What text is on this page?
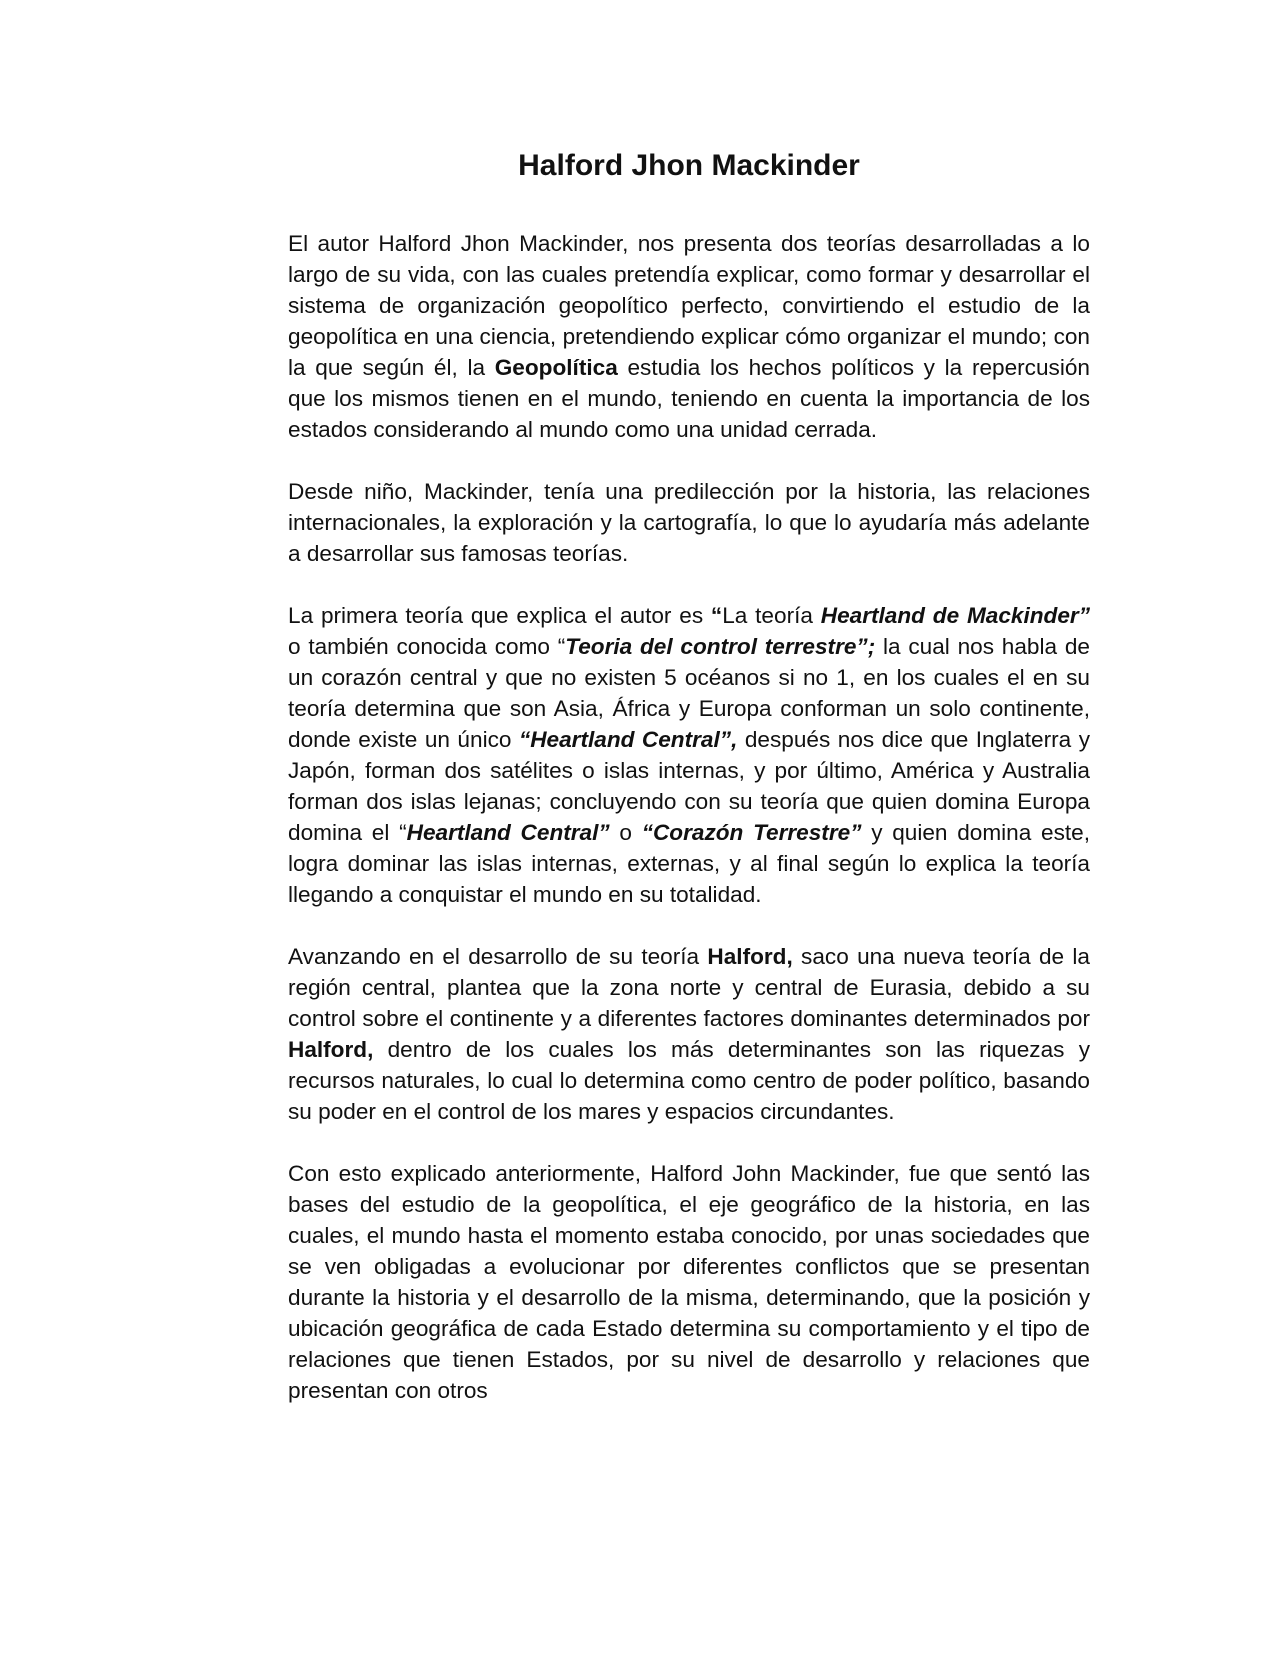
Halford Jhon Mackinder

El autor Halford Jhon Mackinder, nos presenta dos teorías desarrolladas a lo largo de su vida, con las cuales pretendía explicar, como formar y desarrollar el sistema de organización geopolítico perfecto, convirtiendo el estudio de la geopolítica en una ciencia, pretendiendo explicar cómo organizar el mundo; con la que según él, la Geopolítica estudia los hechos políticos y la repercusión que los mismos tienen en el mundo, teniendo en cuenta la importancia de los estados considerando al mundo como una unidad cerrada.

Desde niño, Mackinder, tenía una predilección por la historia, las relaciones internacionales, la exploración y la cartografía, lo que lo ayudaría más adelante a desarrollar sus famosas teorías.

La primera teoría que explica el autor es “La teoría Heartland de Mackinder” o también conocida como “Teoria del control terrestre”; la cual nos habla de un corazón central y que no existen 5 océanos si no 1, en los cuales el en su teoría determina que son Asia, África y Europa conforman un solo continente, donde existe un único “Heartland Central”, después nos dice que Inglaterra y Japón, forman dos satélites o islas internas, y por último, América y Australia forman dos islas lejanas; concluyendo con su teoría que quien domina Europa domina el “Heartland Central” o “Corazón Terrestre” y quien domina este, logra dominar las islas internas, externas, y al final según lo explica la teoría llegando a conquistar el mundo en su totalidad.

Avanzando en el desarrollo de su teoría Halford, saco una nueva teoría de la región central, plantea que la zona norte y central de Eurasia, debido a su control sobre el continente y a diferentes factores dominantes determinados por Halford, dentro de los cuales los más determinantes son las riquezas y recursos naturales, lo cual lo determina como centro de poder político, basando su poder en el control de los mares y espacios circundantes.

Con esto explicado anteriormente, Halford John Mackinder, fue que sentó las bases del estudio de la geopolítica, el eje geográfico de la historia, en las cuales, el mundo hasta el momento estaba conocido, por unas sociedades que se ven obligadas a evolucionar por diferentes conflictos que se presentan durante la historia y el desarrollo de la misma, determinando, que la posición y ubicación geográfica de cada Estado determina su comportamiento y el tipo de relaciones que tienen Estados, por su nivel de desarrollo y relaciones que presentan con otros
